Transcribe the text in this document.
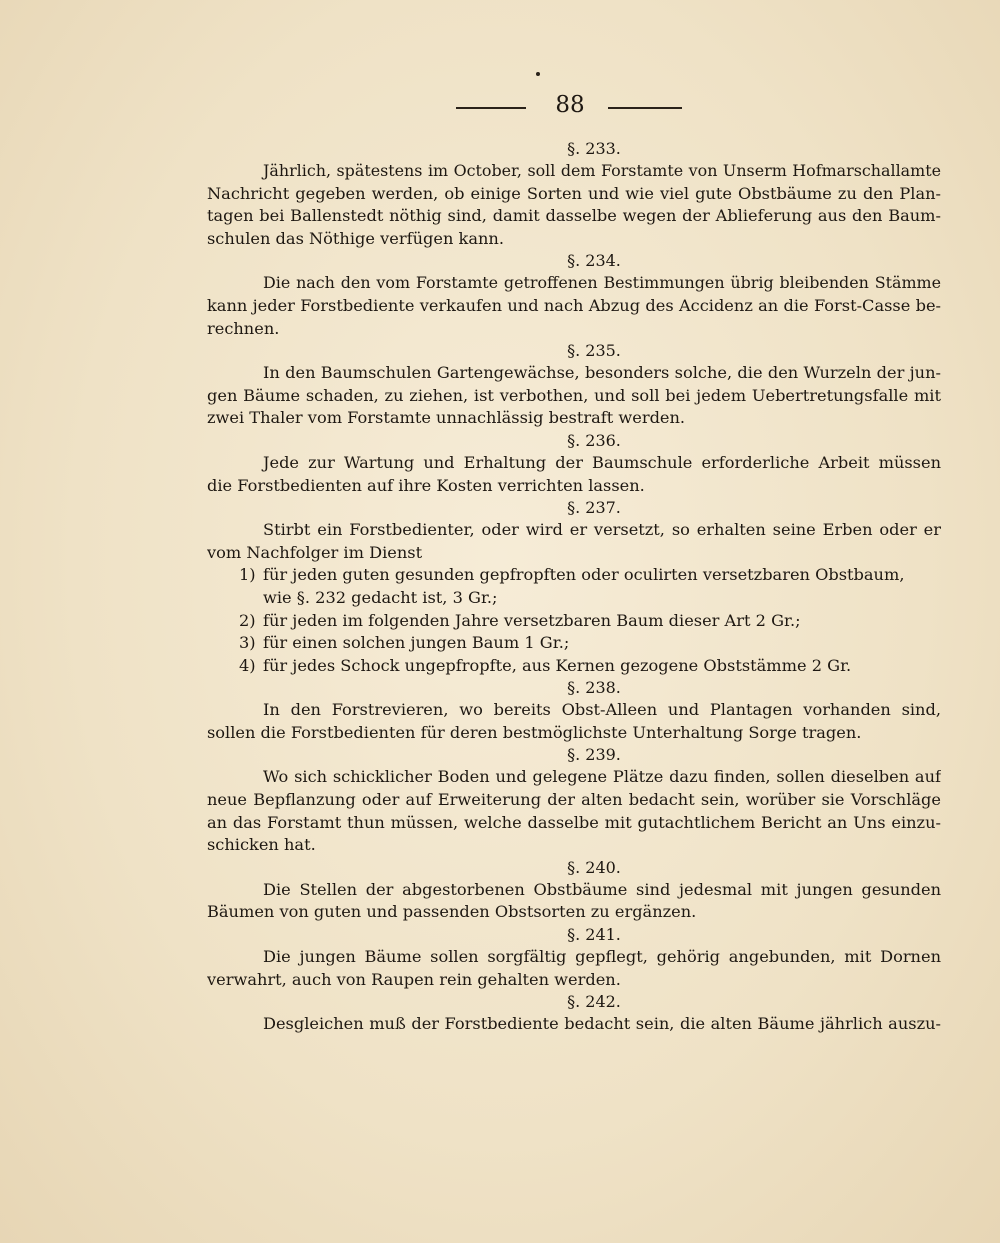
88
§. 233.
Jährlich, spätestens im October, soll dem Forstamte von Unserm Hofmarschallamte
Nachricht gegeben werden, ob einige Sorten und wie viel gute Obstbäume zu den Plan-
tagen bei Ballenstedt nöthig sind, damit dasselbe wegen der Ablieferung aus den Baum-
schulen das Nöthige verfügen kann.
§. 234.
Die nach den vom Forstamte getroffenen Bestimmungen übrig bleibenden Stämme
kann jeder Forstbediente verkaufen und nach Abzug des Accidenz an die Forst-Casse be-
rechnen.
§. 235.
In den Baumschulen Gartengewächse, besonders solche, die den Wurzeln der jun-
gen Bäume schaden, zu ziehen, ist verbothen, und soll bei jedem Uebertretungsfalle mit
zwei Thaler vom Forstamte unnachlässig bestraft werden.
§. 236.
Jede zur Wartung und Erhaltung der Baumschule erforderliche Arbeit müssen
die Forstbedienten auf ihre Kosten verrichten lassen.
§. 237.
Stirbt ein Forstbedienter, oder wird er versetzt, so erhalten seine Erben oder er
vom Nachfolger im Dienst
1) für jeden guten gesunden gepfropften oder oculirten versetzbaren Obstbaum,
wie §. 232 gedacht ist, 3 Gr.;
2) für jeden im folgenden Jahre versetzbaren Baum dieser Art 2 Gr.;
3) für einen solchen jungen Baum 1 Gr.;
4) für jedes Schock ungepfropfte, aus Kernen gezogene Obststämme 2 Gr.
§. 238.
In den Forstrevieren, wo bereits Obst-Alleen und Plantagen vorhanden sind,
sollen die Forstbedienten für deren bestmöglichste Unterhaltung Sorge tragen.
§. 239.
Wo sich schicklicher Boden und gelegene Plätze dazu finden, sollen dieselben auf
neue Bepflanzung oder auf Erweiterung der alten bedacht sein, worüber sie Vorschläge
an das Forstamt thun müssen, welche dasselbe mit gutachtlichem Bericht an Uns einzu-
schicken hat.
§. 240.
Die Stellen der abgestorbenen Obstbäume sind jedesmal mit jungen gesunden
Bäumen von guten und passenden Obstsorten zu ergänzen.
§. 241.
Die jungen Bäume sollen sorgfältig gepflegt, gehörig angebunden, mit Dornen
verwahrt, auch von Raupen rein gehalten werden.
§. 242.
Desgleichen muß der Forstbediente bedacht sein, die alten Bäume jährlich auszu-
